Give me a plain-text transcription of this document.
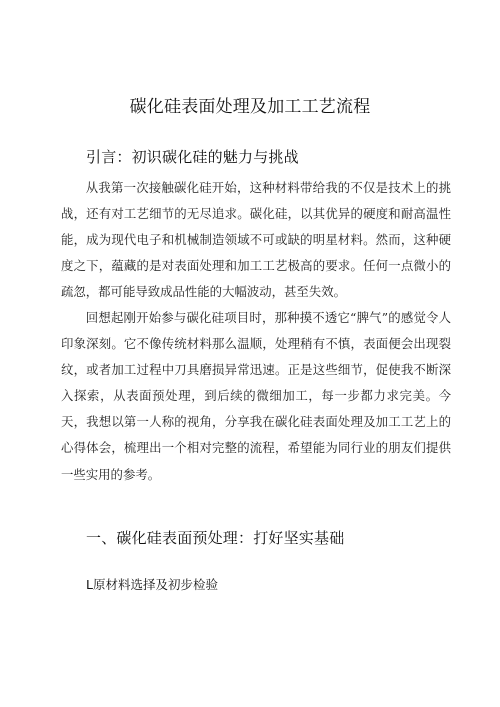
碳化硅表面处理及加工工艺流程
引言：初识碳化硅的魅力与挑战

从我第一次接触碳化硅开始，这种材料带给我的不仅是技术上的挑战，还有对工艺细节的无尽追求。碳化硅，以其优异的硬度和耐高温性能，成为现代电子和机械制造领域不可或缺的明星材料。然而，这种硬度之下，蕴藏的是对表面处理和加工工艺极高的要求。任何一点微小的疏忽，都可能导致成品性能的大幅波动，甚至失效。

回想起刚开始参与碳化硅项目时，那种摸不透它“脾气”的感觉令人印象深刻。它不像传统材料那么温顺，处理稍有不慎，表面便会出现裂纹，或者加工过程中刀具磨损异常迅速。正是这些细节，促使我不断深入探索，从表面预处理，到后续的微细加工，每一步都力求完美。今天，我想以第一人称的视角，分享我在碳化硅表面处理及加工工艺上的心得体会，梳理出一个相对完整的流程，希望能为同行业的朋友们提供一些实用的参考。

一、碳化硅表面预处理：打好坚实基础
L原材料选择及初步检验
